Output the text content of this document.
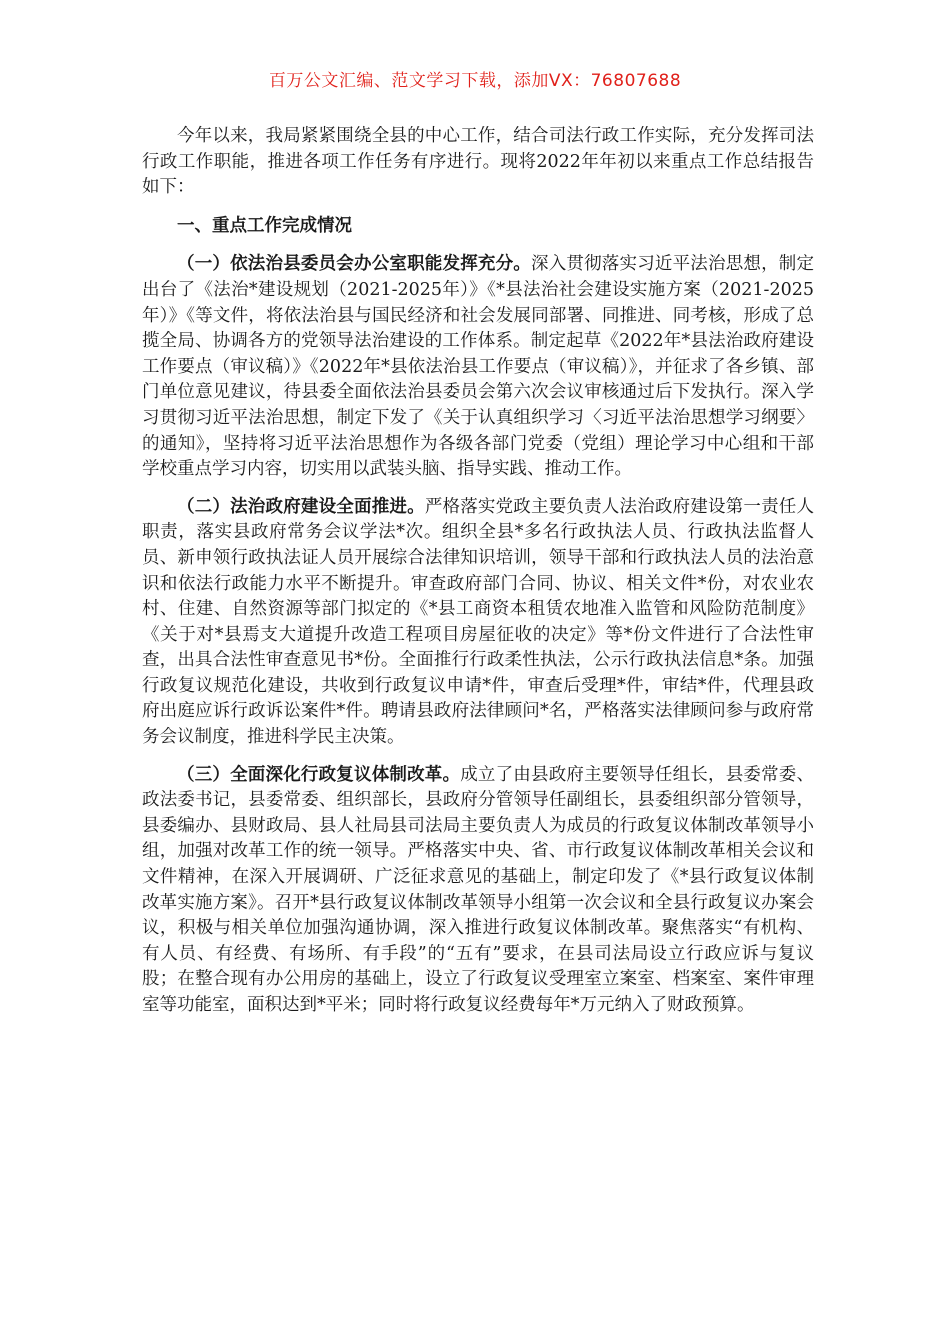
百万公文汇编、范文学习下载，添加VX：76807688

今年以来，我局紧紧围绕全县的中心工作，结合司法行政工作实际，充分发挥司法行政工作职能，推进各项工作任务有序进行。现将2022年年初以来重点工作总结报告如下：

一、重点工作完成情况

（一）依法治县委员会办公室职能发挥充分。深入贯彻落实习近平法治思想，制定出台了《法治*建设规划（2021-2025年）》《*县法治社会建设实施方案（2021-2025年）》《等文件，将依法治县与国民经济和社会发展同部署、同推进、同考核，形成了总揽全局、协调各方的党领导法治建设的工作体系。制定起草《2022年*县法治政府建设工作要点（审议稿）》《2022年*县依法治县工作要点（审议稿）》，并征求了各乡镇、部门单位意见建议，待县委全面依法治县委员会第六次会议审核通过后下发执行。深入学习贯彻习近平法治思想，制定下发了《关于认真组织学习〈习近平法治思想学习纲要〉的通知》，坚持将习近平法治思想作为各级各部门党委（党组）理论学习中心组和干部学校重点学习内容，切实用以武装头脑、指导实践、推动工作。

（二）法治政府建设全面推进。严格落实党政主要负责人法治政府建设第一责任人职责，落实县政府常务会议学法*次。组织全县*多名行政执法人员、行政执法监督人员、新申领行政执法证人员开展综合法律知识培训，领导干部和行政执法人员的法治意识和依法行政能力水平不断提升。审查政府部门合同、协议、相关文件*份，对农业农村、住建、自然资源等部门拟定的《*县工商资本租赁农地准入监管和风险防范制度》《关于对*县焉支大道提升改造工程项目房屋征收的决定》等*份文件进行了合法性审查，出具合法性审查意见书*份。全面推行行政柔性执法，公示行政执法信息*条。加强行政复议规范化建设，共收到行政复议申请*件，审查后受理*件，审结*件，代理县政府出庭应诉行政诉讼案件*件。聘请县政府法律顾问*名，严格落实法律顾问参与政府常务会议制度，推进科学民主决策。

（三）全面深化行政复议体制改革。成立了由县政府主要领导任组长，县委常委、政法委书记，县委常委、组织部长，县政府分管领导任副组长，县委组织部分管领导，县委编办、县财政局、县人社局县司法局主要负责人为成员的行政复议体制改革领导小组，加强对改革工作的统一领导。严格落实中央、省、市行政复议体制改革相关会议和文件精神，在深入开展调研、广泛征求意见的基础上，制定印发了《*县行政复议体制改革实施方案》。召开*县行政复议体制改革领导小组第一次会议和全县行政复议办案会议，积极与相关单位加强沟通协调，深入推进行政复议体制改革。聚焦落实“有机构、有人员、有经费、有场所、有手段”的“五有”要求，在县司法局设立行政应诉与复议股；在整合现有办公用房的基础上，设立了行政复议受理室立案室、档案室、案件审理室等功能室，面积达到*平米；同时将行政复议经费每年*万元纳入了财政预算。
